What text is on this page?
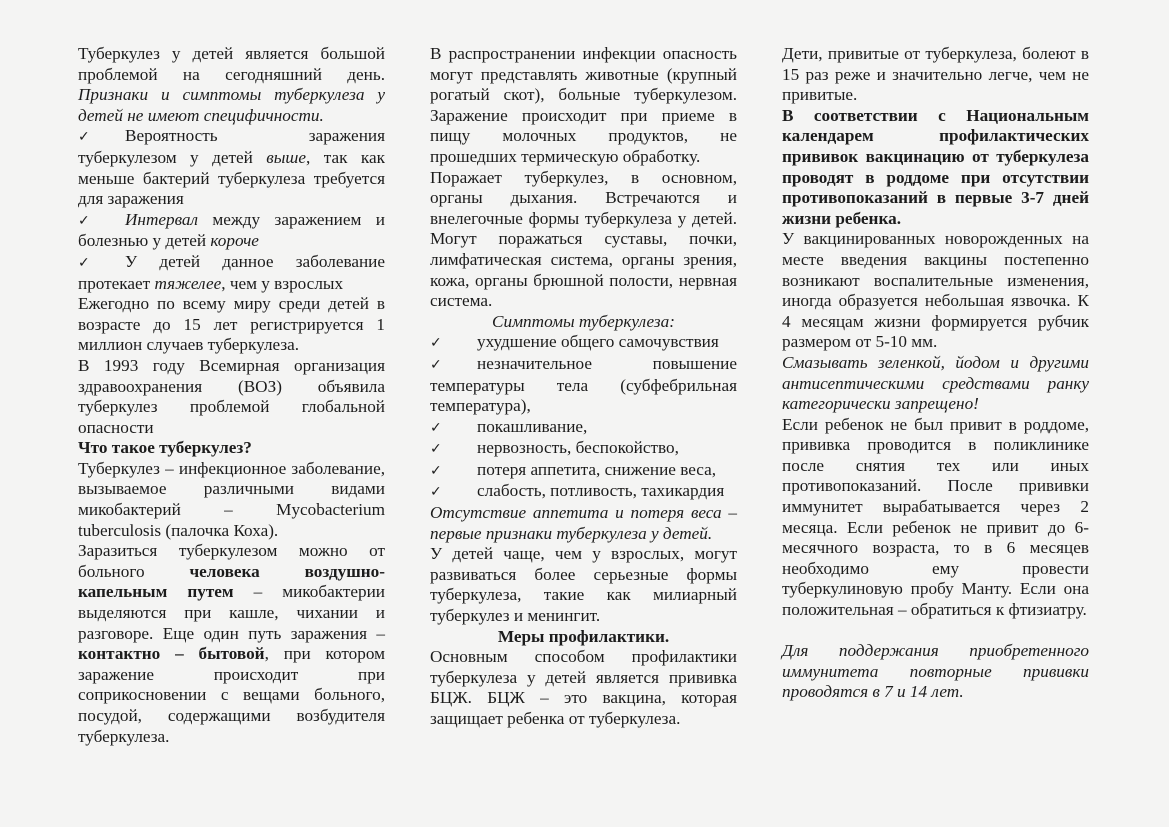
Туберкулез у детей является большой проблемой на сегодняшний день. Признаки и симптомы туберкулеза у детей не имеют специфичности.

✓ Вероятность заражения туберкулезом у детей выше, так как меньше бактерий туберкулеза требуется для заражения

✓ Интервал между заражением и болезнью у детей короче

✓ У детей данное заболевание протекает тяжелее, чем у взрослых

Ежегодно по всему миру среди детей в возрасте до 15 лет регистрируется 1 миллион случаев туберкулеза.

В 1993 году Всемирная организация здравоохранения (ВОЗ) объявила туберкулез проблемой глобальной опасности

Что такое туберкулез?

Туберкулез – инфекционное заболевание, вызываемое различными видами микобактерий – Mycobacterium tuberculosis (палочка Коха).

Заразиться туберкулезом можно от больного человека воздушно-капельным путем – микобактерии выделяются при кашле, чихании и разговоре. Еще один путь заражения – контактно – бытовой, при котором заражение происходит при соприкосновении с вещами больного, посудой, содержащими возбудителя туберкулеза.

В распространении инфекции опасность могут представлять животные (крупный рогатый скот), больные туберкулезом. Заражение происходит при приеме в пищу молочных продуктов, не прошедших термическую обработку.

Поражает туберкулез, в основном, органы дыхания. Встречаются и внелегочные формы туберкулеза у детей. Могут поражаться суставы, почки, лимфатическая система, органы зрения, кожа, органы брюшной полости, нервная система.

Симптомы туберкулеза:

✓ ухудшение общего самочувствия

✓ незначительное повышение температуры тела (субфебрильная температура),

✓ покашливание,

✓ нервозность, беспокойство,

✓ потеря аппетита, снижение веса,

✓ слабость, потливость, тахикардия

Отсутствие аппетита и потеря веса – первые признаки туберкулеза у детей.

У детей чаще, чем у взрослых, могут развиваться более серьезные формы туберкулеза, такие как милиарный туберкулез и менингит.

Меры профилактики.

Основным способом профилактики туберкулеза у детей является прививка БЦЖ. БЦЖ – это вакцина, которая защищает ребенка от туберкулеза.

Дети, привитые от туберкулеза, болеют в 15 раз реже и значительно легче, чем не привитые.

В соответствии с Национальным календарем профилактических прививок вакцинацию от туберкулеза проводят в роддоме при отсутствии противопоказаний в первые 3-7 дней жизни ребенка.

У вакцинированных новорожденных на месте введения вакцины постепенно возникают воспалительные изменения, иногда образуется небольшая язвочка. К 4 месяцам жизни формируется рубчик размером от 5-10 мм.

Смазывать зеленкой, йодом и другими антисептическими средствами ранку категорически запрещено!

Если ребенок не был привит в роддоме, прививка проводится в поликлинике после снятия тех или иных противопоказаний. После прививки иммунитет вырабатывается через 2 месяца. Если ребенок не привит до 6-месячного возраста, то в 6 месяцев необходимо ему провести туберкулиновую пробу Манту. Если она положительная – обратиться к фтизиатру.

Для поддержания приобретенного иммунитета повторные прививки проводятся в 7 и 14 лет.
